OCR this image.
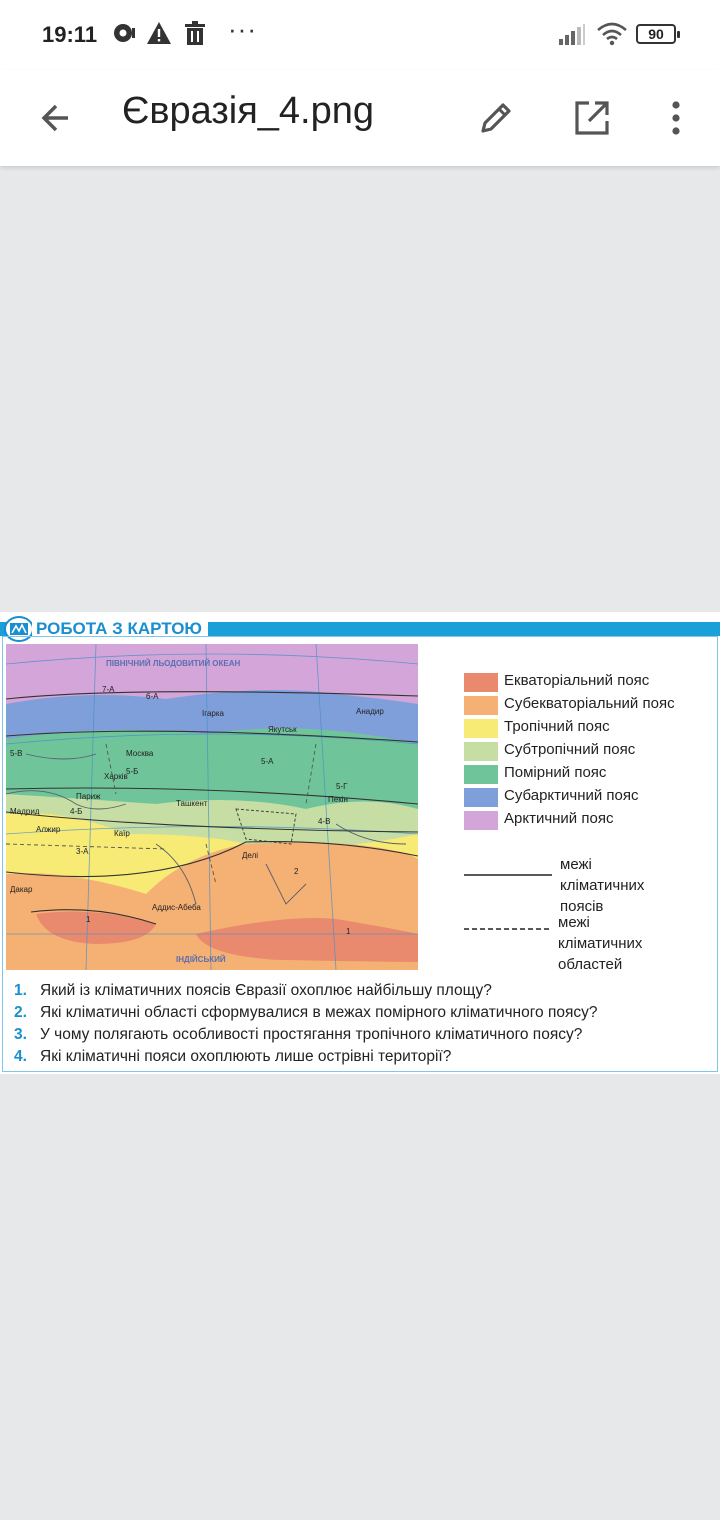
19:11	···	90
Євразія_4.png
РОБОТА З КАРТОЮ
ПІВНІЧНИЙ ЛЬОДОВИТИЙ ОКЕАН
ІНДІЙСЬКИЙ
7-А
6-А
5-В
5-Б
5-А
5-Г
4-Б
4-В
3-А
2
1
1
Москва
Харків
Париж
Мадрид
Алжир	Каїр
Ташкент
Делі
Аддис-Абеба
Дакар
Якутськ
Пекін
Анадир
Ігарка
Екваторіальний пояс
Субекваторіальний пояс
Тропічний пояс
Субтропічний пояс
Помірний пояс
Субарктичний пояс
Арктичний пояс
межі кліматичних
поясів
межі кліматичних
областей
1. Який із кліматичних поясів Євразії охоплює найбільшу площу?
2. Які кліматичні області сформувалися в межах помірного кліматичного поясу?
3. У чому полягають особливості простягання тропічного кліматичного поясу?
4. Які кліматичні пояси охоплюють лише острівні території?
